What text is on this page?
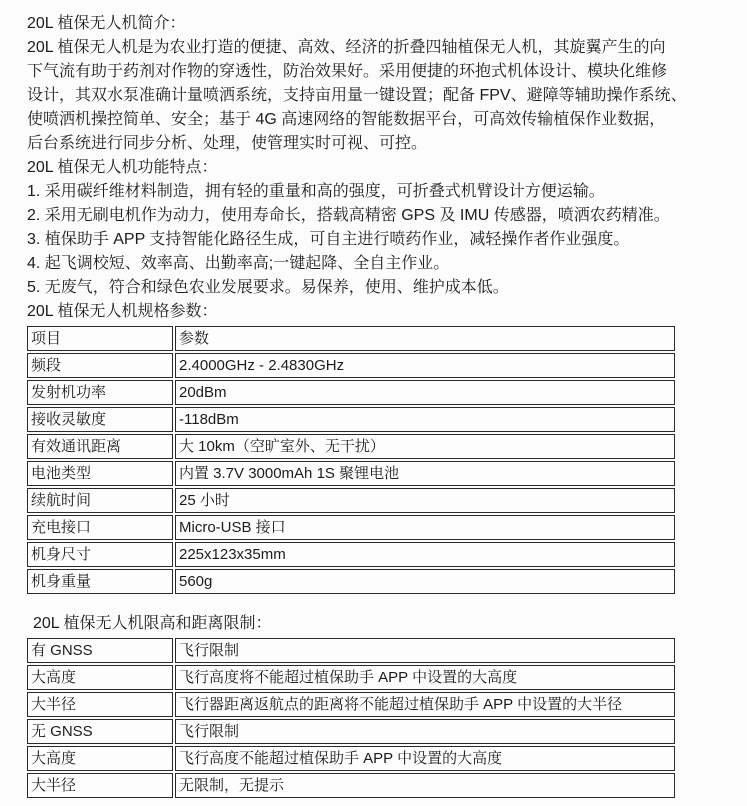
20L 植保无人机简介：
20L 植保无人机是为农业打造的便捷、高效、经济的折叠四轴植保无人机，其旋翼产生的向
下气流有助于药剂对作物的穿透性，防治效果好。采用便捷的环抱式机体设计、模块化维修
设计，其双水泵准确计量喷洒系统，支持亩用量一键设置；配备 FPV、避障等辅助操作系统、
使喷洒机操控简单、安全；基于 4G 高速网络的智能数据平台，可高效传输植保作业数据，
后台系统进行同步分析、处理，使管理实时可视、可控。
20L 植保无人机功能特点：
1. 采用碳纤维材料制造，拥有轻的重量和高的强度，可折叠式机臂设计方便运输。
2. 采用无刷电机作为动力，使用寿命长，搭载高精密 GPS 及 IMU 传感器，喷洒农药精准。
3. 植保助手 APP 支持智能化路径生成，可自主进行喷药作业，减轻操作者作业强度。
4. 起飞调校短、效率高、出勤率高;一键起降、全自主作业。
5. 无废气，符合和绿色农业发展要求。易保养，使用、维护成本低。
20L 植保无人机规格参数：
项目	参数
频段	2.4000GHz - 2.4830GHz
发射机功率	20dBm
接收灵敏度	-118dBm
有效通讯距离	大 10km（空旷室外、无干扰）
电池类型	内置 3.7V 3000mAh 1S 聚锂电池
续航时间	25 小时
充电接口	Micro-USB 接口
机身尺寸	225x123x35mm
机身重量	560g
20L 植保无人机限高和距离限制：
有 GNSS	飞行限制
大高度	飞行高度将不能超过植保助手 APP 中设置的大高度
大半径	飞行器距离返航点的距离将不能超过植保助手 APP 中设置的大半径
无 GNSS	飞行限制
大高度	飞行高度不能超过植保助手 APP 中设置的大高度
大半径	无限制，无提示
